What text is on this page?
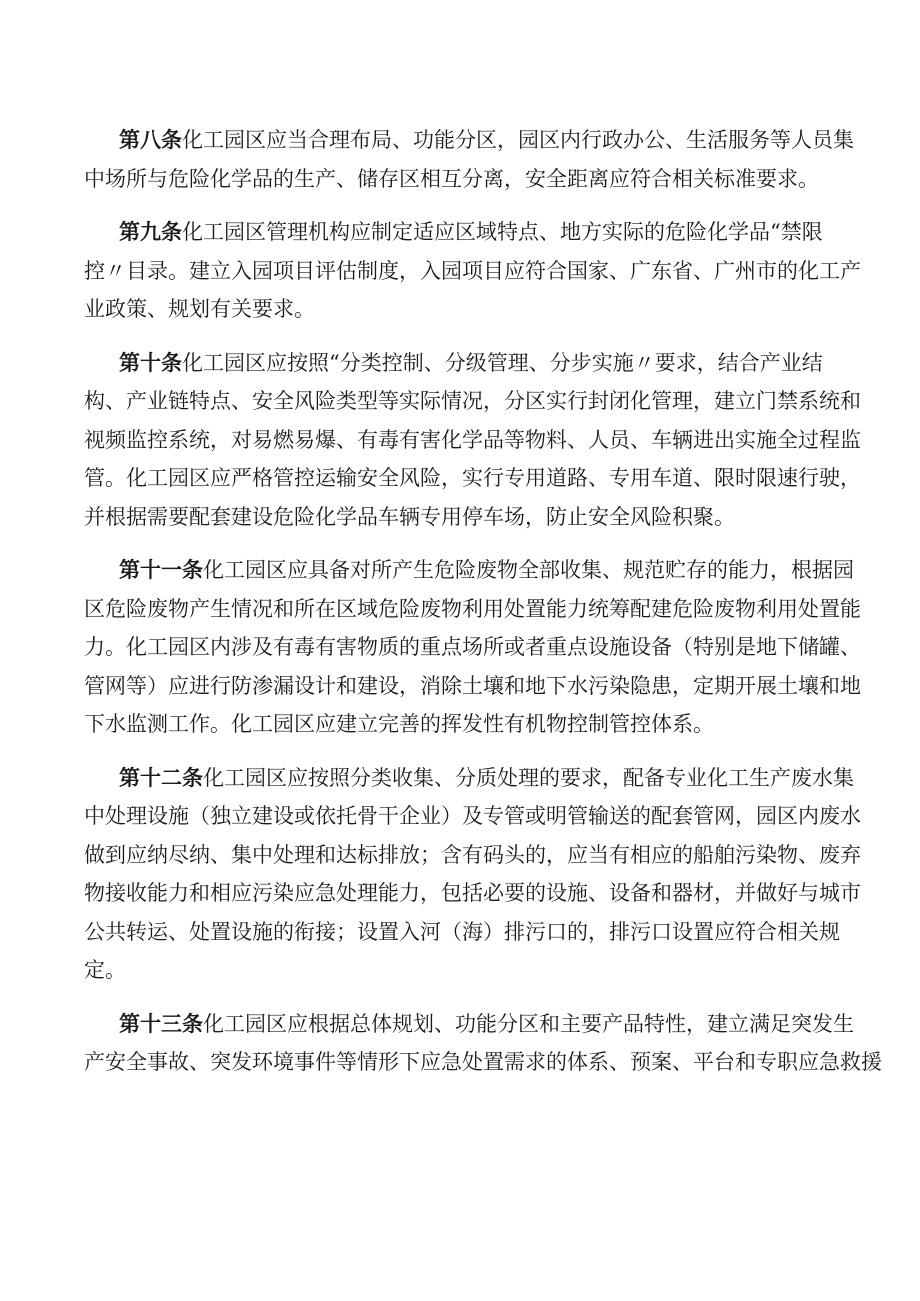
第八条化工园区应当合理布局、功能分区，园区内行政办公、生活服务等人员集
中场所与危险化学品的生产、储存区相互分离，安全距离应符合相关标准要求。
第九条化工园区管理机构应制定适应区域特点、地方实际的危险化学品“禁限
控〃目录。建立入园项目评估制度，入园项目应符合国家、广东省、广州市的化工产
业政策、规划有关要求。
第十条化工园区应按照“分类控制、分级管理、分步实施〃要求，结合产业结
构、产业链特点、安全风险类型等实际情况，分区实行封闭化管理，建立门禁系统和
视频监控系统，对易燃易爆、有毒有害化学品等物料、人员、车辆进出实施全过程监
管。化工园区应严格管控运输安全风险，实行专用道路、专用车道、限时限速行驶，
并根据需要配套建设危险化学品车辆专用停车场，防止安全风险积聚。
第十一条化工园区应具备对所产生危险废物全部收集、规范贮存的能力，根据园
区危险废物产生情况和所在区域危险废物利用处置能力统筹配建危险废物利用处置能
力。化工园区内涉及有毒有害物质的重点场所或者重点设施设备（特别是地下储罐、
管网等）应进行防渗漏设计和建设，消除土壤和地下水污染隐患，定期开展土壤和地
下水监测工作。化工园区应建立完善的挥发性有机物控制管控体系。
第十二条化工园区应按照分类收集、分质处理的要求，配备专业化工生产废水集
中处理设施（独立建设或依托骨干企业）及专管或明管输送的配套管网，园区内废水
做到应纳尽纳、集中处理和达标排放；含有码头的，应当有相应的船舶污染物、废弃
物接收能力和相应污染应急处理能力，包括必要的设施、设备和器材，并做好与城市
公共转运、处置设施的衔接；设置入河（海）排污口的，排污口设置应符合相关规
定。
第十三条化工园区应根据总体规划、功能分区和主要产品特性，建立满足突发生
产安全事故、突发环境事件等情形下应急处置需求的体系、预案、平台和专职应急救援
